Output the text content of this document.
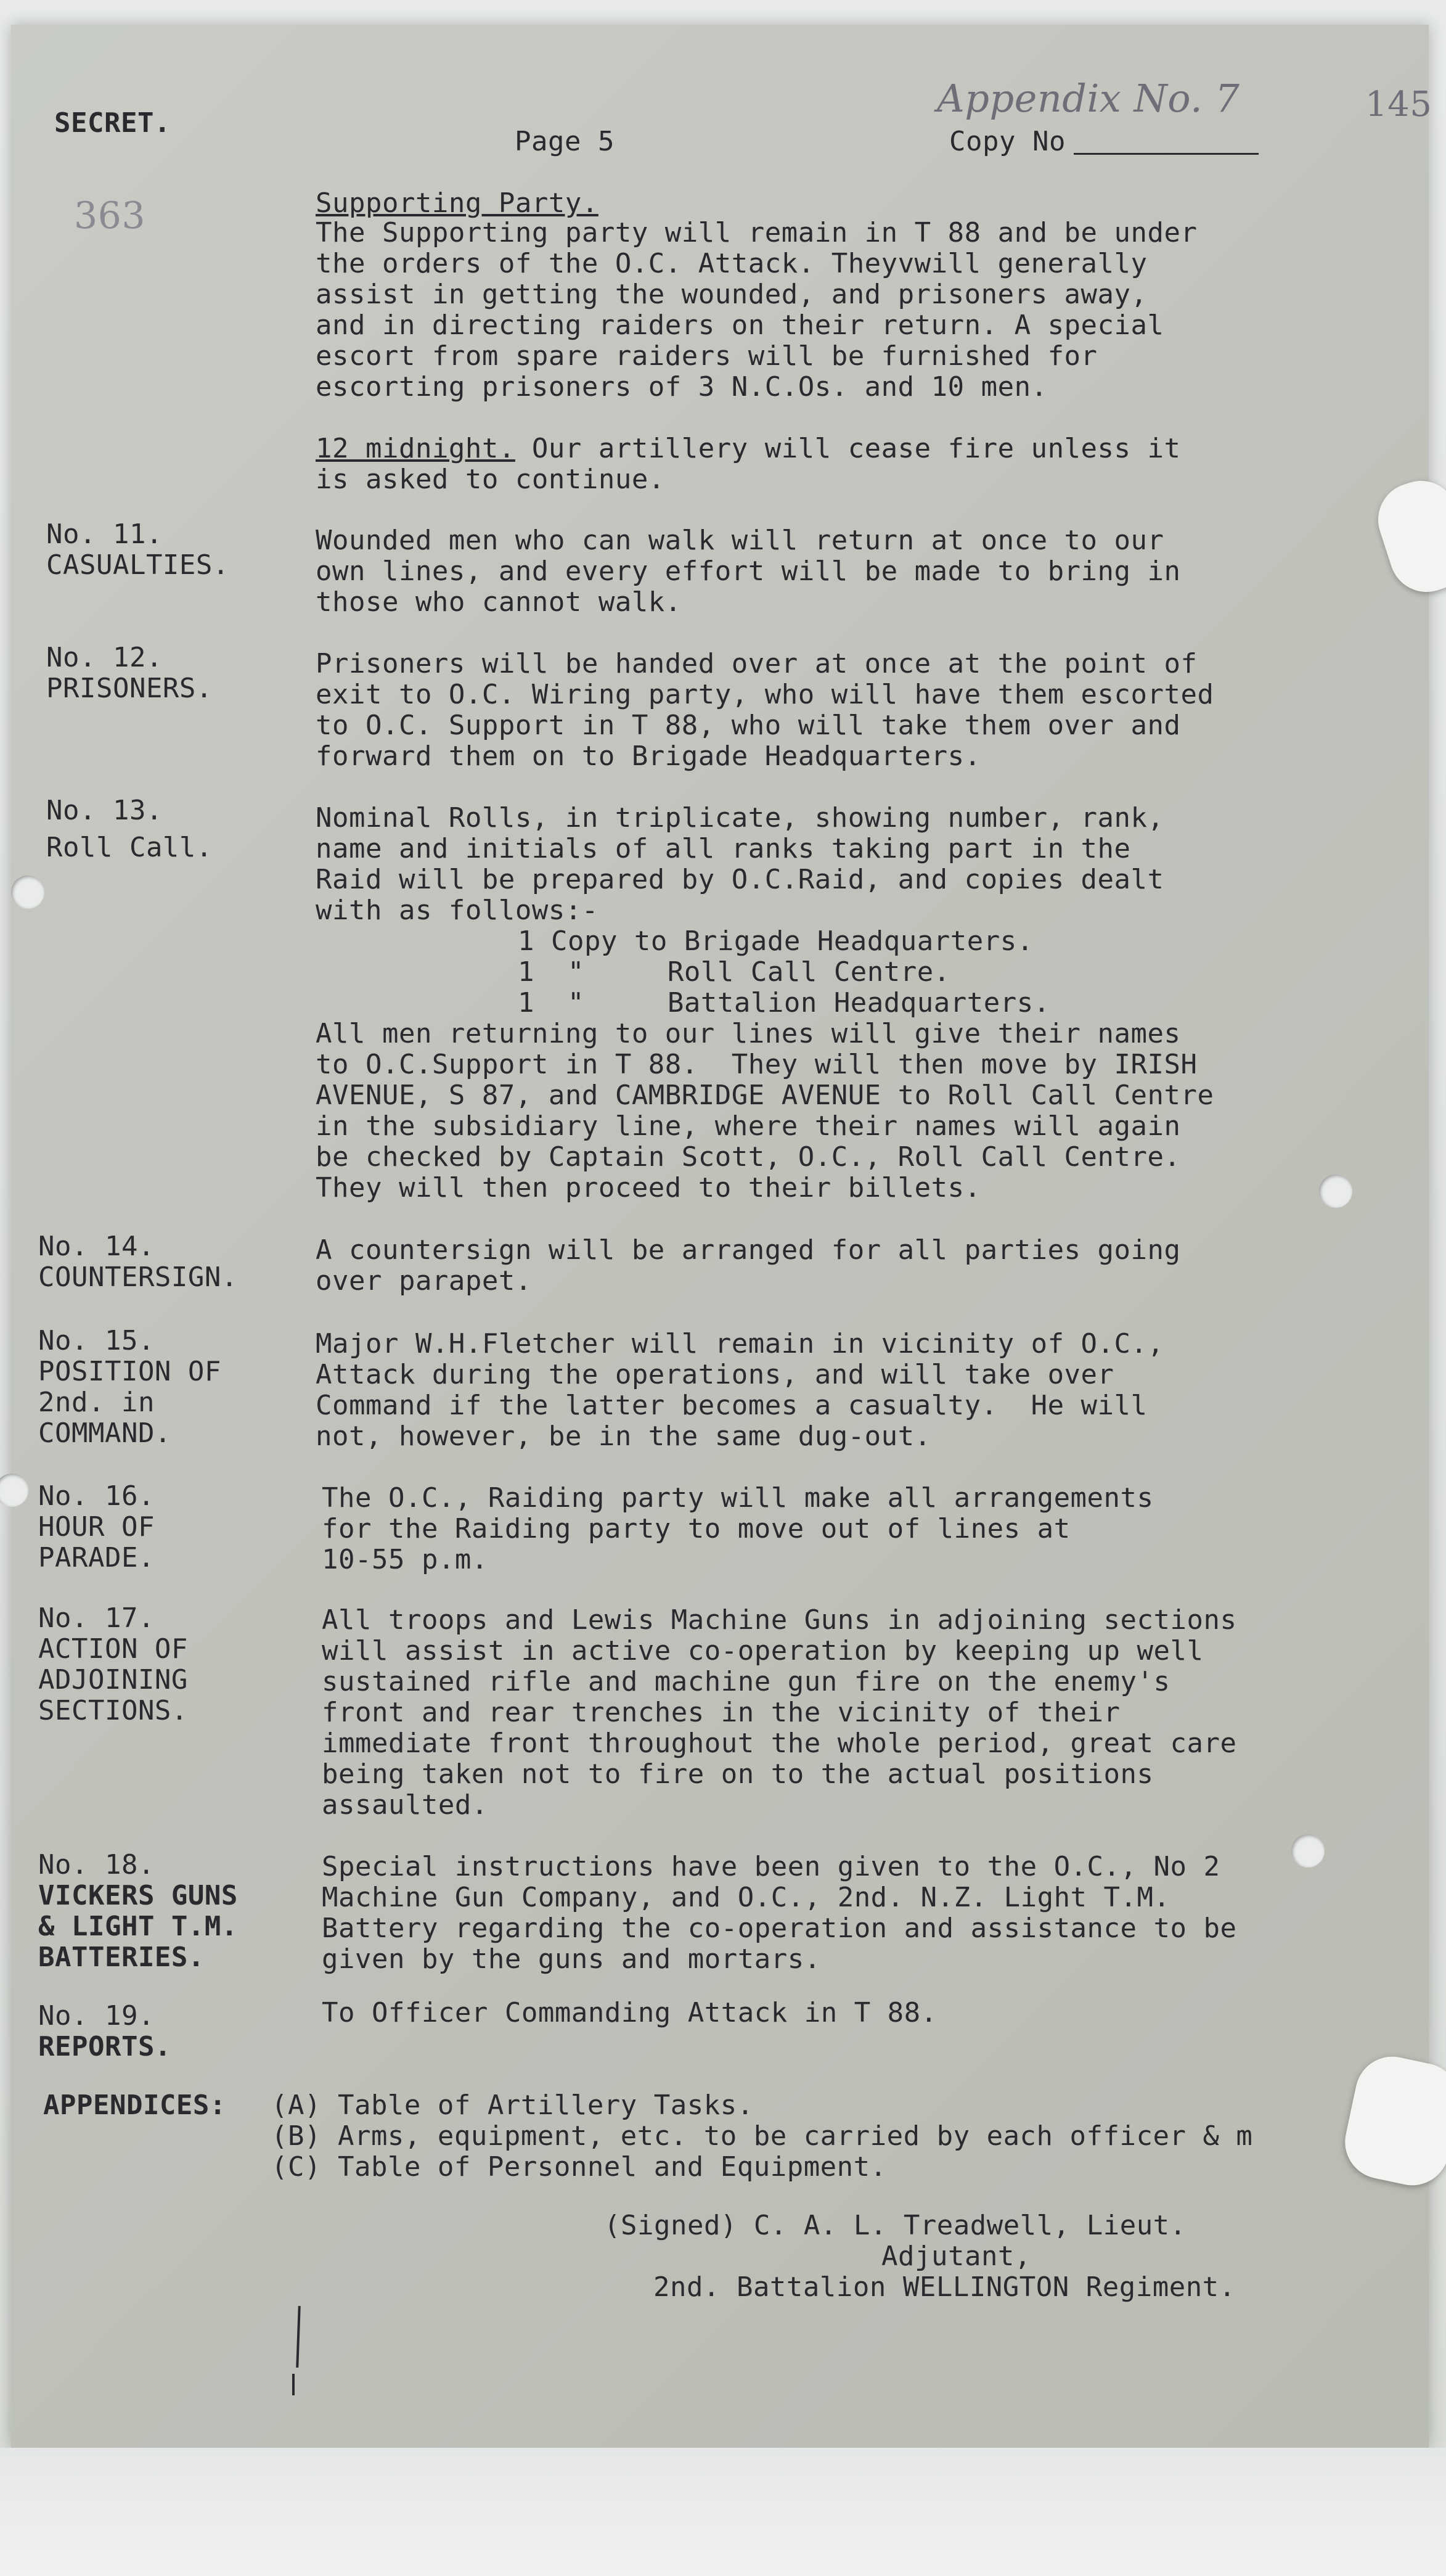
SECRET.
Page 5
Appendix No. 7
Copy No
145
363	Supporting Party.
The Supporting party will remain in T 88 and be under
the orders of the O.C. Attack. Theyvwill generally
assist in getting the wounded, and prisoners away,
and in directing raiders on their return. A special
escort from spare raiders will be furnished for
escorting prisoners of 3 N.C.Os. and 10 men.
12 midnight. Our artillery will cease fire unless it
is asked to continue.
No. 11.
CASUALTIES.
Wounded men who can walk will return at once to our
own lines, and every effort will be made to bring in
those who cannot walk.
No. 12.
PRISONERS.
Prisoners will be handed over at once at the point of
exit to O.C. Wiring party, who will have them escorted
to O.C. Support in T 88, who will take them over and
forward them on to Brigade Headquarters.
No. 13.
Roll Call.
Nominal Rolls, in triplicate, showing number, rank,
name and initials of all ranks taking part in the
Raid will be prepared by O.C.Raid, and copies dealt
with as follows:-
1 Copy to Brigade Headquarters.
1  "     Roll Call Centre.
1  "     Battalion Headquarters.
All men returning to our lines will give their names
to O.C.Support in T 88.  They will then move by IRISH
AVENUE, S 87, and CAMBRIDGE AVENUE to Roll Call Centre
in the subsidiary line, where their names will again
be checked by Captain Scott, O.C., Roll Call Centre.
They will then proceed to their billets.
No. 14.
COUNTERSIGN.
A countersign will be arranged for all parties going
over parapet.
No. 15.
POSITION OF
2nd. in
COMMAND.
Major W.H.Fletcher will remain in vicinity of O.C.,
Attack during the operations, and will take over
Command if the latter becomes a casualty.  He will
not, however, be in the same dug-out.
No. 16.
HOUR OF
PARADE.
The O.C., Raiding party will make all arrangements
for the Raiding party to move out of lines at
10-55 p.m.
No. 17.
ACTION OF
ADJOINING
SECTIONS.
All troops and Lewis Machine Guns in adjoining sections
will assist in active co-operation by keeping up well
sustained rifle and machine gun fire on the enemy's
front and rear trenches in the vicinity of their
immediate front throughout the whole period, great care
being taken not to fire on to the actual positions
assaulted.
No. 18.
VICKERS GUNS
& LIGHT T.M.
BATTERIES.
Special instructions have been given to the O.C., No 2
Machine Gun Company, and O.C., 2nd. N.Z. Light T.M.
Battery regarding the co-operation and assistance to be
given by the guns and mortars.
No. 19.
REPORTS.
To Officer Commanding Attack in T 88.
APPENDICES: (A) Table of Artillery Tasks.
(B) Arms, equipment, etc. to be carried by each officer & m
(C) Table of Personnel and Equipment.
(Signed) C. A. L. Treadwell, Lieut.
Adjutant,
2nd. Battalion WELLINGTON Regiment.
